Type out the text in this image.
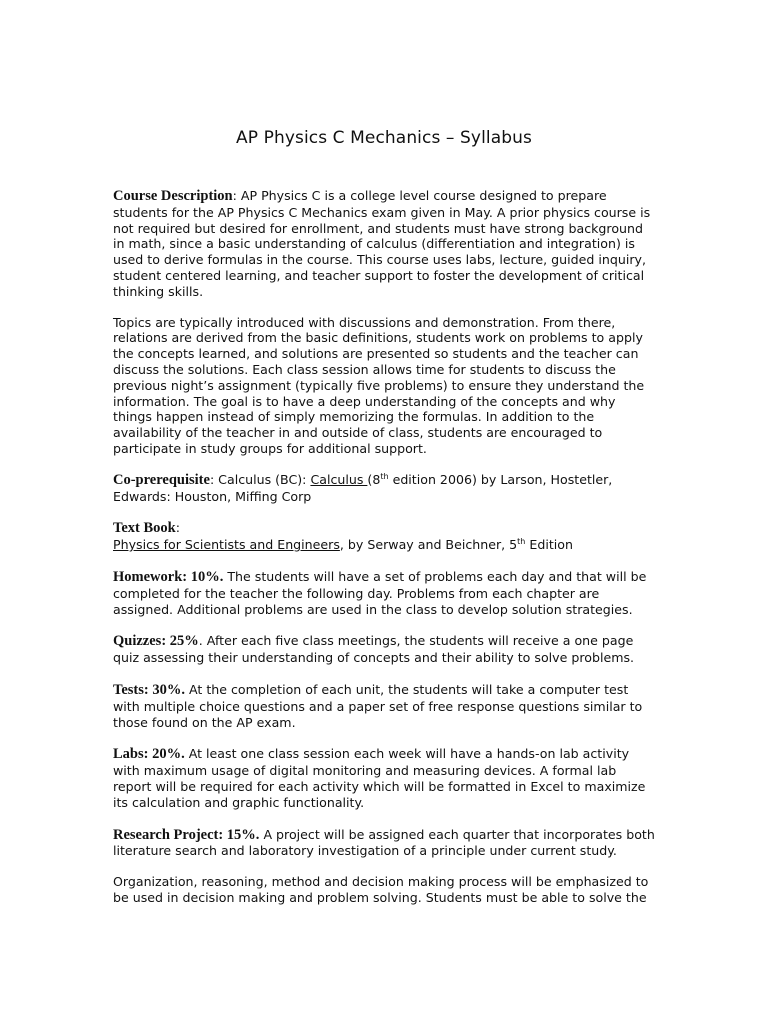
AP Physics C Mechanics – Syllabus

Course Description: AP Physics C is a college level course designed to prepare students for the AP Physics C Mechanics exam given in May. A prior physics course is not required but desired for enrollment, and students must have strong background in math, since a basic understanding of calculus (differentiation and integration) is used to derive formulas in the course. This course uses labs, lecture, guided inquiry, student centered learning, and teacher support to foster the development of critical thinking skills.

Topics are typically introduced with discussions and demonstration. From there, relations are derived from the basic definitions, students work on problems to apply the concepts learned, and solutions are presented so students and the teacher can discuss the solutions. Each class session allows time for students to discuss the previous night’s assignment (typically five problems) to ensure they understand the information. The goal is to have a deep understanding of the concepts and why things happen instead of simply memorizing the formulas. In addition to the availability of the teacher in and outside of class, students are encouraged to participate in study groups for additional support.

Co-prerequisite: Calculus (BC): Calculus (8th edition 2006) by Larson, Hostetler, Edwards: Houston, Miffing Corp

Text Book:
Physics for Scientists and Engineers, by Serway and Beichner, 5th Edition

Homework: 10%. The students will have a set of problems each day and that will be completed for the teacher the following day. Problems from each chapter are assigned. Additional problems are used in the class to develop solution strategies.

Quizzes: 25%. After each five class meetings, the students will receive a one page quiz assessing their understanding of concepts and their ability to solve problems.

Tests: 30%. At the completion of each unit, the students will take a computer test with multiple choice questions and a paper set of free response questions similar to those found on the AP exam.

Labs: 20%. At least one class session each week will have a hands-on lab activity with maximum usage of digital monitoring and measuring devices. A formal lab report will be required for each activity which will be formatted in Excel to maximize its calculation and graphic functionality.

Research Project: 15%. A project will be assigned each quarter that incorporates both literature search and laboratory investigation of a principle under current study.

Organization, reasoning, method and decision making process will be emphasized to be used in decision making and problem solving. Students must be able to solve the
